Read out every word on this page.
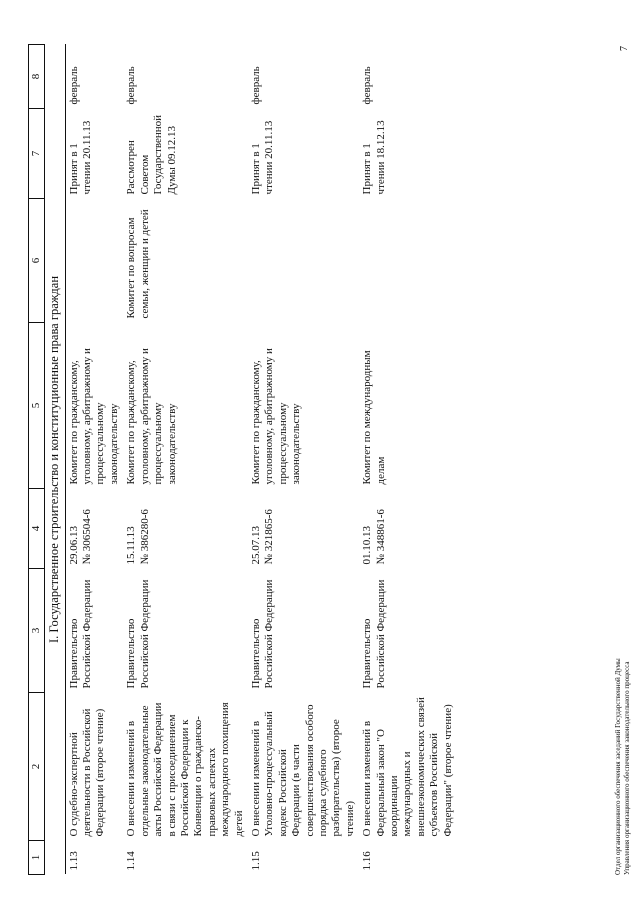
1	2	3	4	5	6	7	8
I. Государственное строительство и конституционные права граждан							
1.13	О судебно-экспертной деятельности в Российской Федерации (второе чтение)	Правительство Российской Федерации	29.06.13 № 306504-6	Комитет по гражданскому, уголовному, арбитражному и процессуальному законодательству		Принят в 1 чтении 20.11.13	февраль
1.14	О внесении изменений в отдельные законодательные акты Российской Федерации в связи с присоединением Российской Федерации к Конвенции о гражданско-правовых аспектах международного похищения детей	Правительство Российской Федерации	15.11.13 № 386280-6	Комитет по гражданскому, уголовному, арбитражному и процессуальному законодательству	Комитет по вопросам семьи, женщин и детей	Рассмотрен Советом Государственной Думы 09.12.13	февраль
1.15	О внесении изменений в Уголовно-процессуальный кодекс Российской Федерации (в части совершенствования особого порядка судебного разбирательства) (второе чтение)	Правительство Российской Федерации	25.07.13 № 321865-6	Комитет по гражданскому, уголовному, арбитражному и процессуальному законодательству		Принят в 1 чтении 20.11.13	февраль
1.16	О внесении изменений в Федеральный закон "О координации международных и внешнеэкономических связей субъектов Российской Федерации" (второе чтение)	Правительство Российской Федерации	01.10.13 № 348861-6	Комитет по международным делам		Принят в 1 чтении 18.12.13	февраль
Отдел организационного обеспечения заседаний Государственной Думы Управления организационного обеспечения законодательного процесса
7
